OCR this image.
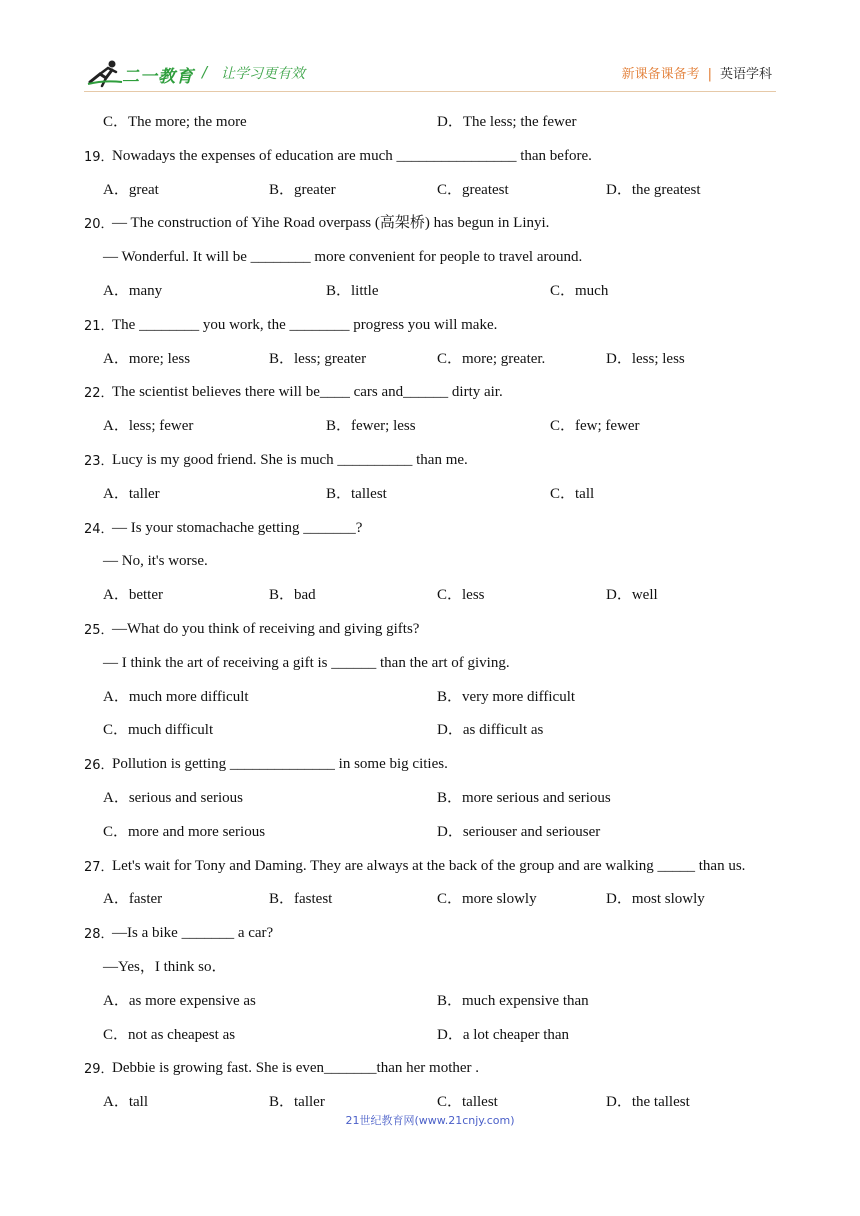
二一教育 / 让学习更有效	新课备课备考 | 英语学科
C．The more; the more	D．The less; the fewer
19．
Nowadays the expenses of education are much ________________ than before.
A．great	B．greater	C．greatest	D．the greatest
20．
— The construction of Yihe Road overpass (高架桥) has begun in Linyi.
— Wonderful. It will be ________ more convenient for people to travel around.
A．many	B．little	C．much
21．
The ________ you work, the ________ progress you will make.
A．more; less	B．less; greater	C．more; greater.	D．less; less
22．
The scientist believes there will be____ cars and______ dirty air.
A．less; fewer	B．fewer; less	C．few; fewer
23．
Lucy is my good friend. She is much __________ than me.
A．taller	B．tallest	C．tall
24．
— Is your stomachache getting _______?
— No, it's worse.
A．better	B．bad	C．less	D．well
25．
—What do you think of receiving and giving gifts?
— I think the art of receiving a gift is ______ than the art of giving.
A．much more difficult	B．very more difficult
C．much difficult	D．as difficult as
26．
Pollution is getting ______________ in some big cities.
A．serious and serious	B．more serious and serious
C．more and more serious	D．seriouser and seriouser
27．
Let's wait for Tony and Daming. They are always at the back of the group and are walking _____ than us.
A．faster	B．fastest	C．more slowly	D．most slowly
28．
—Is a bike _______ a car?
—Yes，I think so．
A．as more expensive as	B．much expensive than
C．not as cheapest as	D．a lot cheaper than
29．
Debbie is growing fast. She is even_______than her mother .
A．tall	B．taller	C．tallest	D．the tallest
21世纪教育网(www.21cnjy.com)
